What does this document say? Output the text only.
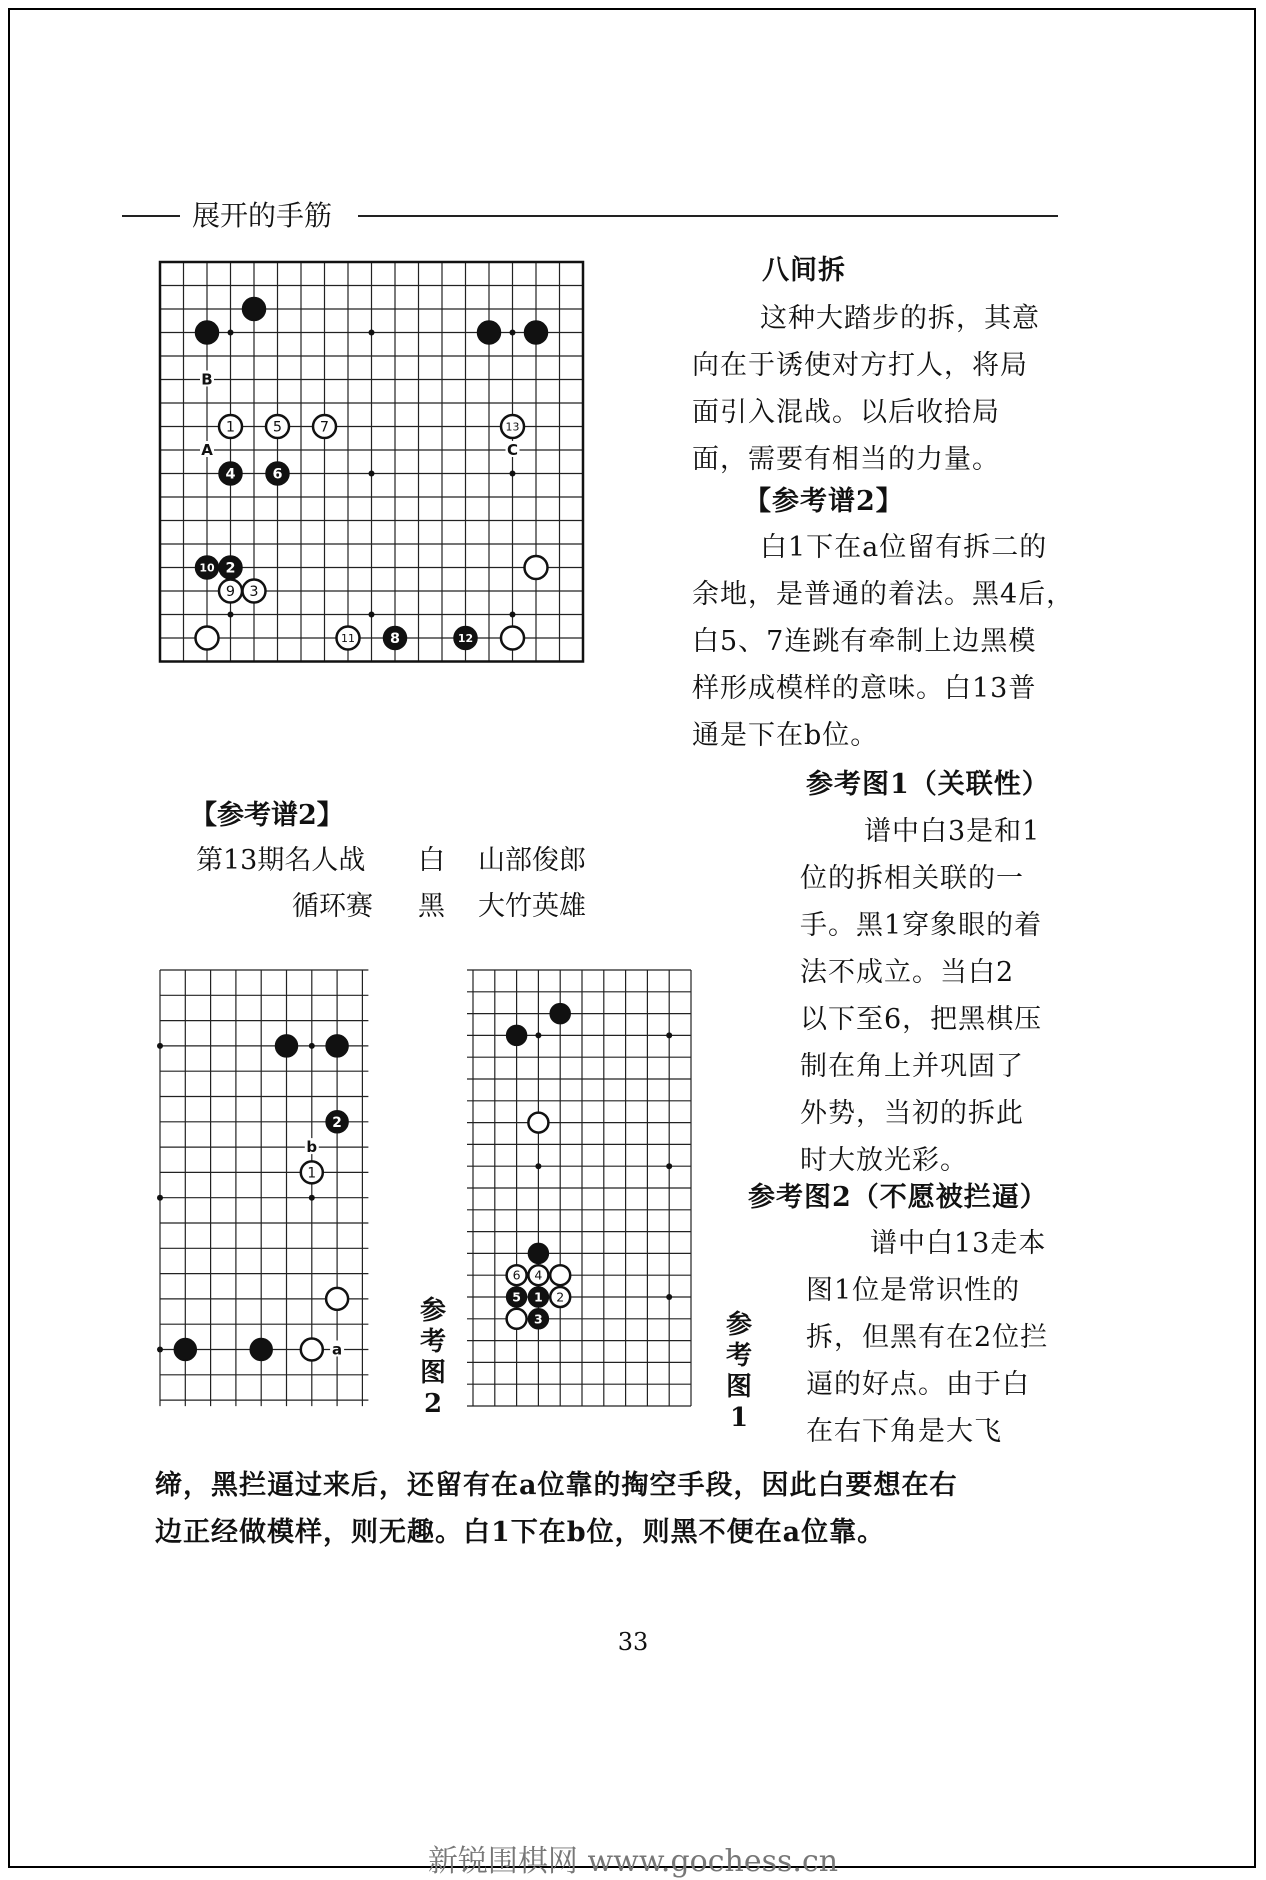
展开的手筋
1	5	7	13
4	6
10 2
9 3
11 8	12
B
A	C
2
1
b
a
6 4
5 1 2
3
八间拆
这种大踏步的拆，其意
向在于诱使对方打人，将局
面引入混战。以后收拾局
面，需要有相当的力量。
【参考谱2】
白1下在a位留有拆二的
余地，是普通的着法。黑4后，
白5、7连跳有牵制上边黑模
样形成模样的意味。白13普
通是下在b位。
【参考谱2】
第13期名人战 白 山部俊郎
循环赛 黑 大竹英雄
参考图1（关联性）
谱中白3是和1
位的拆相关联的一
手。黑1穿象眼的着
法不成立。当白2
以下至6，把黑棋压
制在角上并巩固了
外势，当初的拆此
时大放光彩。
参考图2（不愿被拦逼）
谱中白13走本
图1位是常识性的
拆，但黑有在2位拦
逼的好点。由于白
在右下角是大飞
参
考
图
2
参
考
图
1
缔，黑拦逼过来后，还留有在a位靠的掏空手段，因此白要想在右
边正经做模样，则无趣。白1下在b位，则黑不便在a位靠。
33
新锐围棋网 www.gochess.cn
